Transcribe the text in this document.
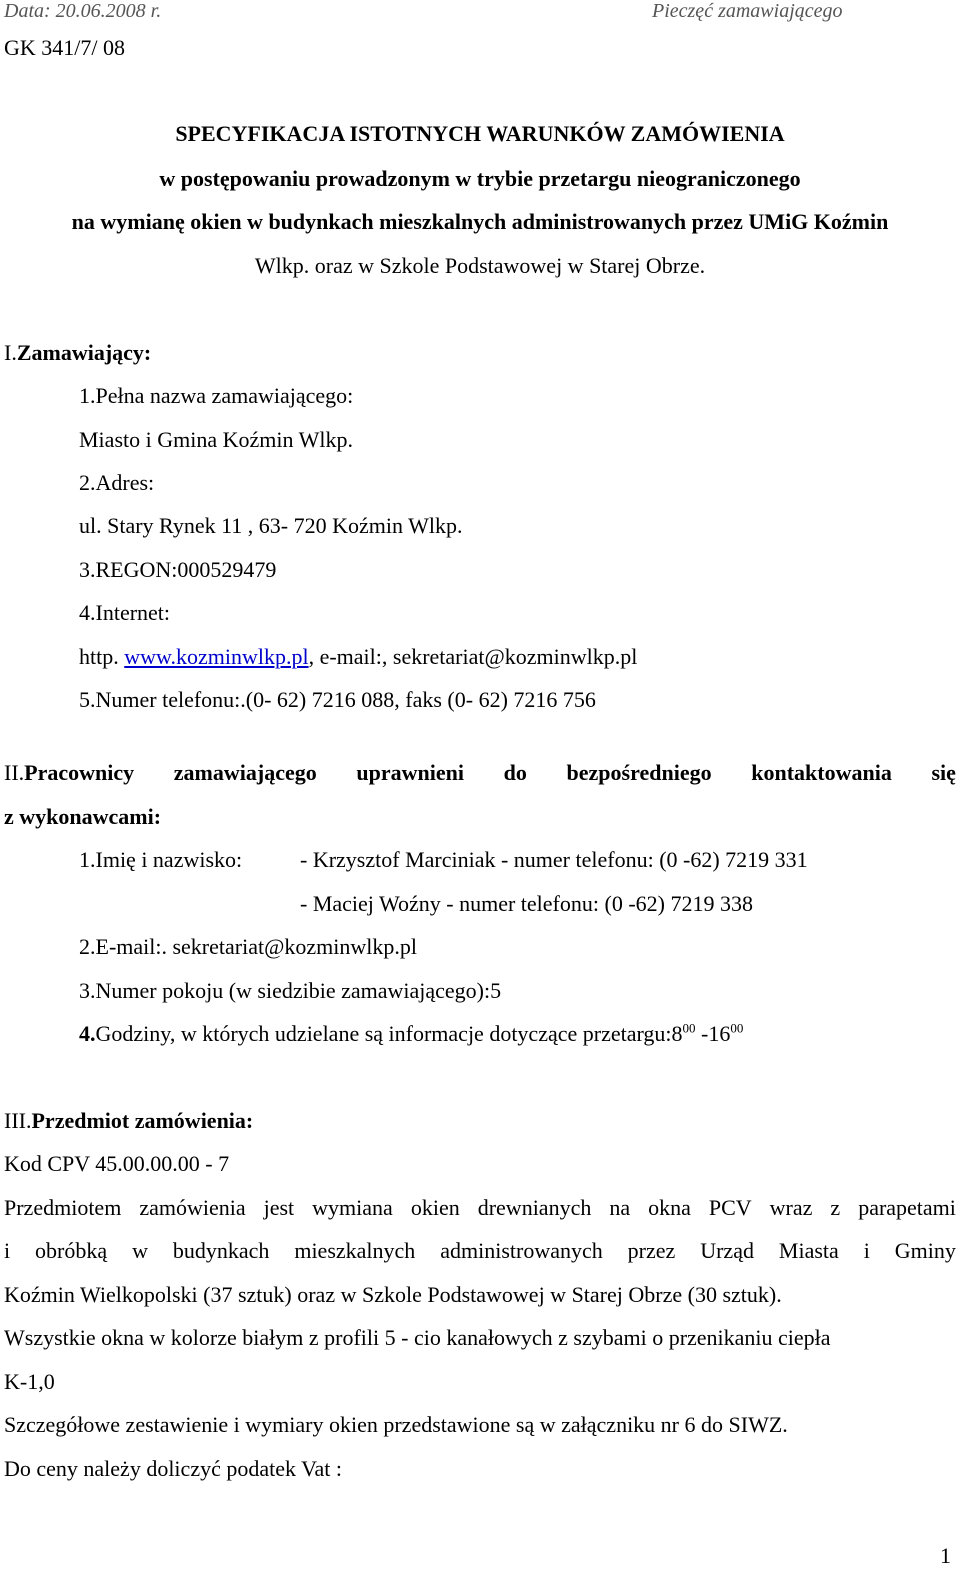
Data: 20.06.2008 r.	Pieczęć zamawiającego
GK 341/7/ 08
SPECYFIKACJA ISTOTNYCH WARUNKÓW ZAMÓWIENIA
w postępowaniu prowadzonym w trybie przetargu nieograniczonego
na wymianę okien w budynkach mieszkalnych administrowanych przez UMiG Koźmin
Wlkp. oraz w Szkole Podstawowej w Starej Obrze.
I.Zamawiający:
1.Pełna nazwa zamawiającego:
Miasto i Gmina Koźmin Wlkp.
2.Adres:
ul. Stary Rynek 11 , 63- 720 Koźmin Wlkp.
3.REGON:000529479
4.Internet:
http. www.kozminwlkp.pl, e-mail:, sekretariat@kozminwlkp.pl
5.Numer telefonu:.(0- 62) 7216 088, faks (0- 62) 7216 756
II.Pracownicy zamawiającego uprawnieni do bezpośredniego kontaktowania się
z wykonawcami:
1.Imię i nazwisko:	- Krzysztof Marciniak - numer telefonu: (0 -62) 7219 331
- Maciej Woźny - numer telefonu: (0 -62) 7219 338
2.E-mail:. sekretariat@kozminwlkp.pl
3.Numer pokoju (w siedzibie zamawiającego):5
4.Godziny, w których udzielane są informacje dotyczące $przetargu:8^{00}$ $-16^{00}$
III.Przedmiot zamówienia:
Kod CPV 45.00.00.00 - 7
Przedmiotem zamówienia jest wymiana okien drewnianych na okna PCV wraz z parapetami
i obróbką w budynkach mieszkalnych administrowanych przez Urząd Miasta i Gminy
Koźmin Wielkopolski (37 sztuk) oraz w Szkole Podstawowej w Starej Obrze (30 sztuk).
Wszystkie okna w kolorze białym z profili 5 - cio kanałowych z szybami o przenikaniu ciepła
K-1,0
Szczegółowe zestawienie i wymiary okien przedstawione są w załączniku nr 6 do SIWZ.
Do ceny należy doliczyć podatek Vat :
1
